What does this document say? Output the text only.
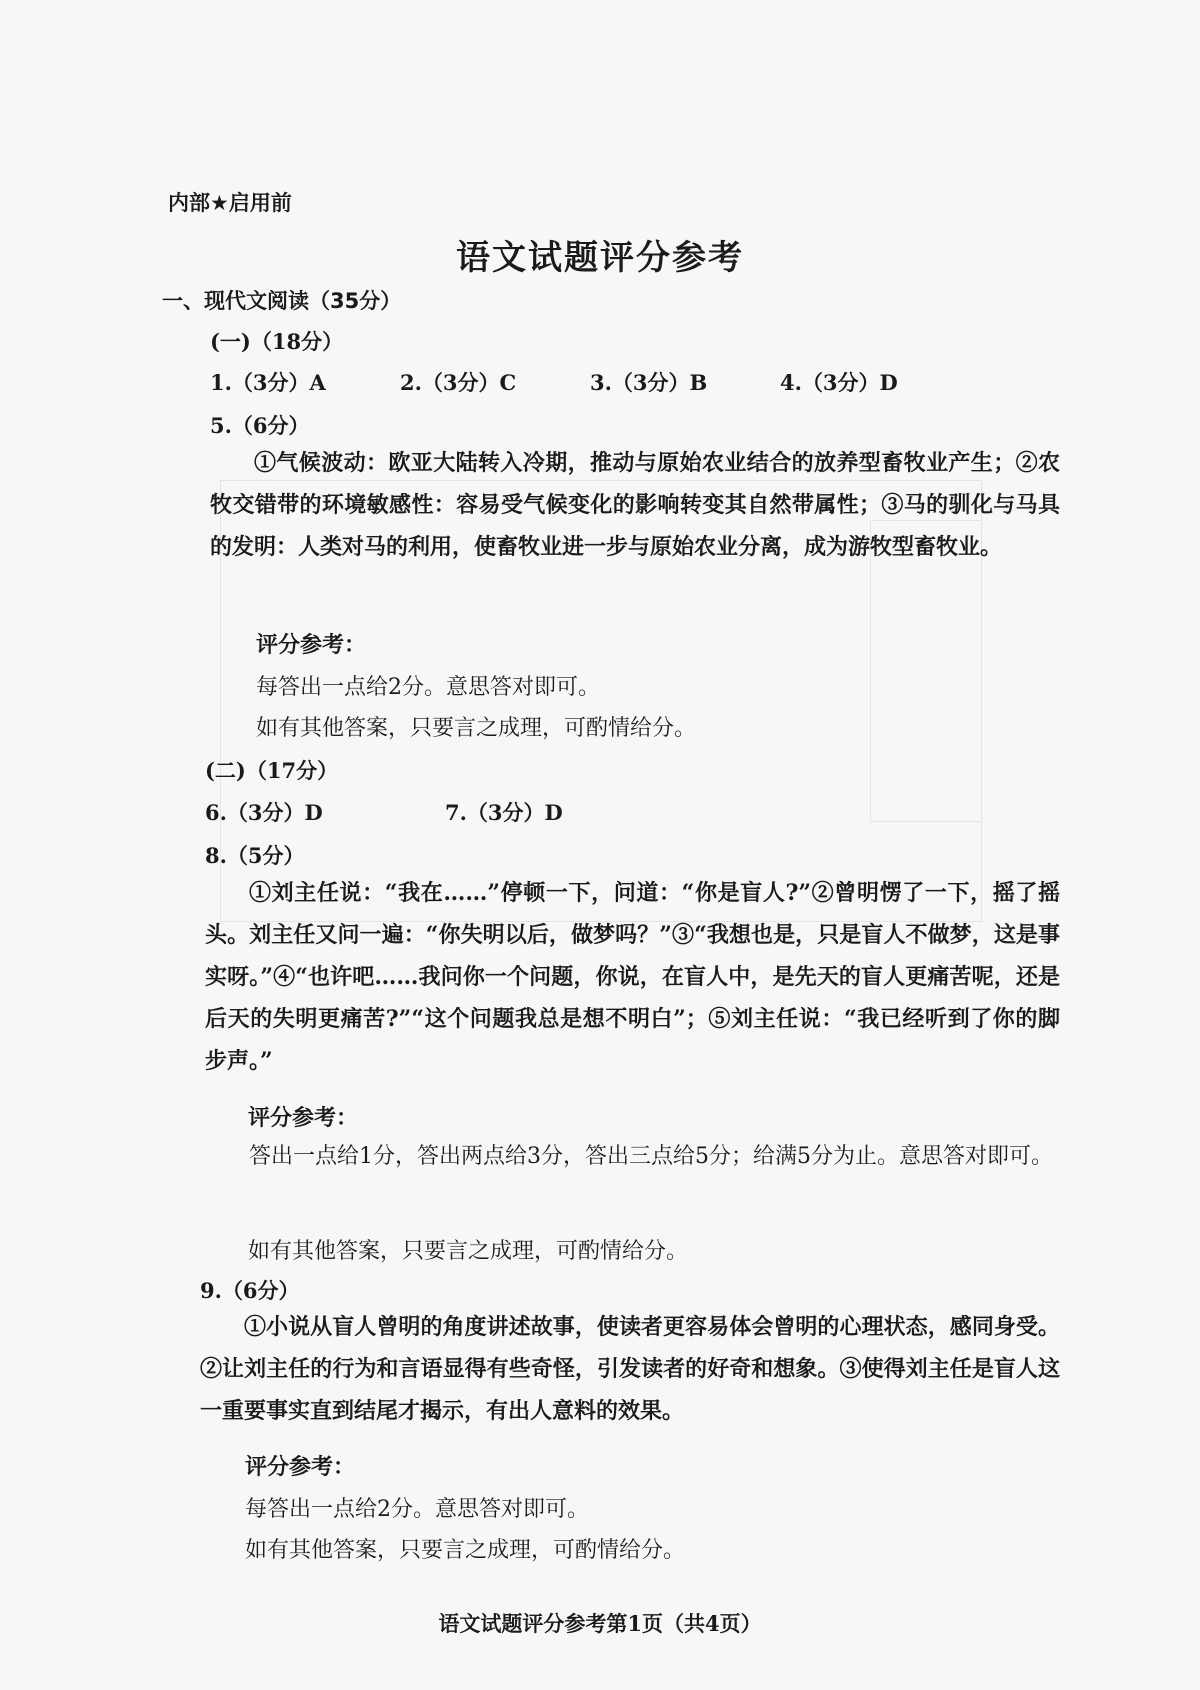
内部★启用前
语文试题评分参考
一、现代文阅读（35分）
(一)（18分）
1.（3分）A	2.（3分）C	3.（3分）B	4.（3分）D
5.（6分）
①气候波动：欧亚大陆转入冷期，推动与原始农业结合的放养型畜牧业产生；②农牧交错带的环境敏感性：容易受气候变化的影响转变其自然带属性；③马的驯化与马具的发明：人类对马的利用，使畜牧业进一步与原始农业分离，成为游牧型畜牧业。
评分参考：
每答出一点给2分。意思答对即可。
如有其他答案，只要言之成理，可酌情给分。
(二)（17分）
6.（3分）D	7.（3分）D
8.（5分）
①刘主任说：“我在……”停顿一下，问道：“你是盲人?”②曾明愣了一下，摇了摇头。刘主任又问一遍：“你失明以后，做梦吗？”③“我想也是，只是盲人不做梦，这是事实呀。”④“也许吧……我问你一个问题，你说，在盲人中，是先天的盲人更痛苦呢，还是后天的失明更痛苦?”“这个问题我总是想不明白”；⑤刘主任说：“我已经听到了你的脚步声。”
评分参考：
答出一点给1分，答出两点给3分，答出三点给5分；给满5分为止。意思答对即可。
如有其他答案，只要言之成理，可酌情给分。
9.（6分）
①小说从盲人曾明的角度讲述故事，使读者更容易体会曾明的心理状态，感同身受。②让刘主任的行为和言语显得有些奇怪，引发读者的好奇和想象。③使得刘主任是盲人这一重要事实直到结尾才揭示，有出人意料的效果。
评分参考：
每答出一点给2分。意思答对即可。
如有其他答案，只要言之成理，可酌情给分。
语文试题评分参考第1页（共4页）
